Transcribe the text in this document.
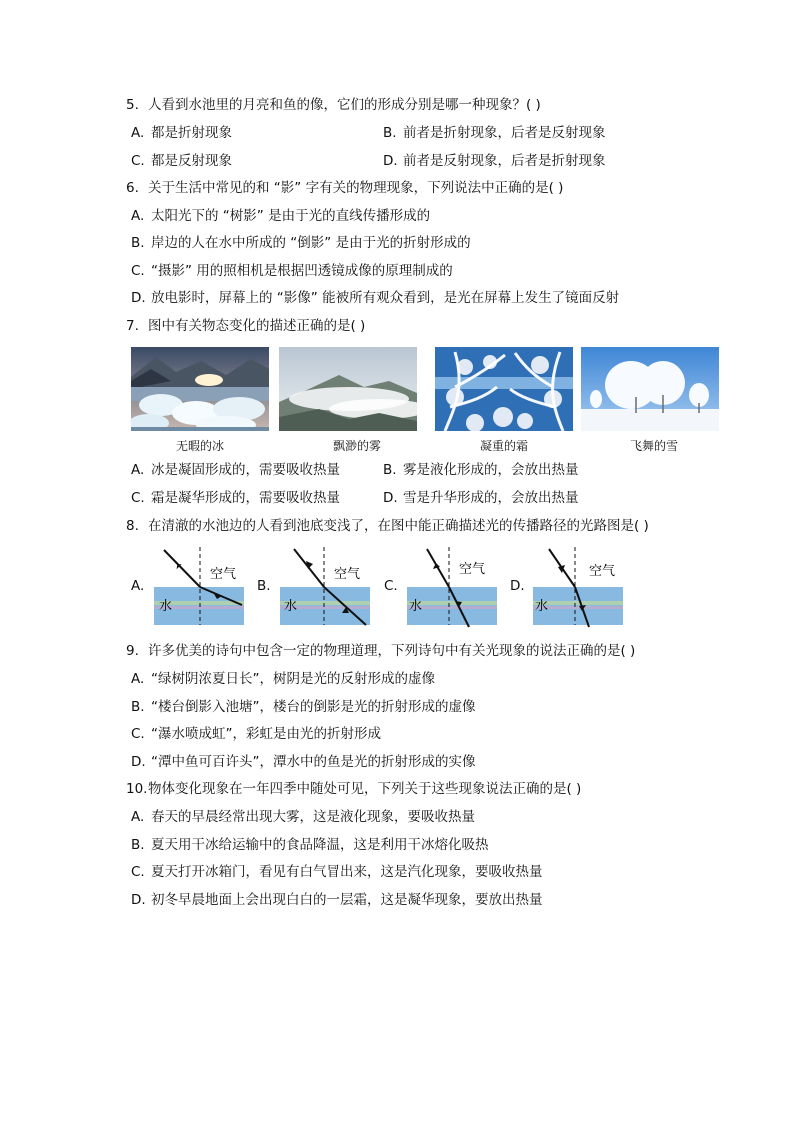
5. 人看到水池里的月亮和鱼的像，它们的形成分别是哪一种现象？( )
A. 都是折射现象	B. 前者是折射现象，后者是反射现象
C. 都是反射现象	D. 前者是反射现象，后者是折射现象
6. 关于生活中常见的和 “影” 字有关的物理现象，下列说法中正确的是( )
A. 太阳光下的 “树影” 是由于光的直线传播形成的
B. 岸边的人在水中所成的 “倒影” 是由于光的折射形成的
C. “摄影” 用的照相机是根据凹透镜成像的原理制成的
D. 放电影时，屏幕上的 “影像” 能被所有观众看到，是光在屏幕上发生了镜面反射
7. 图中有关物态变化的描述正确的是( )
无暇的冰	飘渺的雾	凝重的霜	飞舞的雪
A. 冰是凝固形成的，需要吸收热量	B. 雾是液化形成的，会放出热量
C. 霜是凝华形成的，需要吸收热量	D. 雪是升华形成的，会放出热量
8. 在清澈的水池边的人看到池底变浅了，在图中能正确描述光的传播路径的光路图是( )
A.
空气
水
B.
空气
水
C.
空气
水
D.
空气
水
9. 许多优美的诗句中包含一定的物理道理，下列诗句中有关光现象的说法正确的是( )
A. “绿树阴浓夏日长”，树阴是光的反射形成的虚像
B. “楼台倒影入池塘”，楼台的倒影是光的折射形成的虚像
C. “瀑水喷成虹”，彩虹是由光的折射形成
D. “潭中鱼可百许头”，潭水中的鱼是光的折射形成的实像
10.物体变化现象在一年四季中随处可见，下列关于这些现象说法正确的是( )
A. 春天的早晨经常出现大雾，这是液化现象，要吸收热量
B. 夏天用干冰给运输中的食品降温，这是利用干冰熔化吸热
C. 夏天打开冰箱门，看见有白气冒出来，这是汽化现象，要吸收热量
D. 初冬早晨地面上会出现白白的一层霜，这是凝华现象，要放出热量
